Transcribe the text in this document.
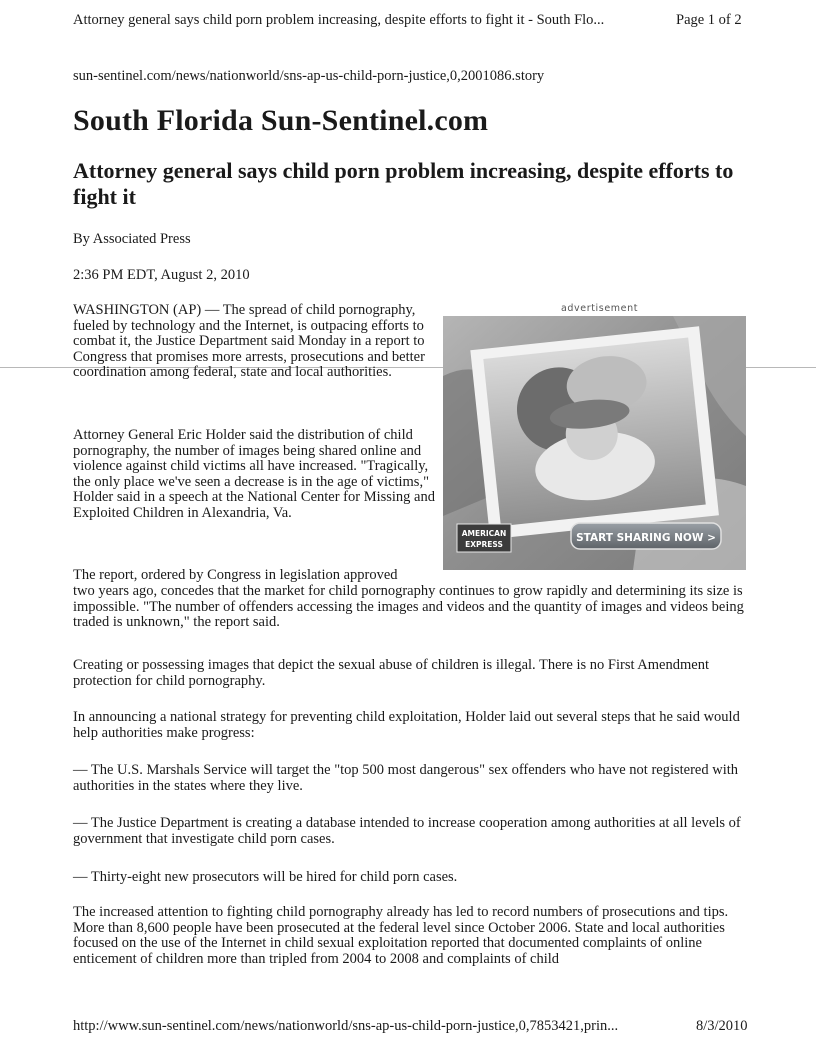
Attorney general says child porn problem increasing, despite efforts to fight it - South Flo...	Page 1 of 2
sun-sentinel.com/news/nationworld/sns-ap-us-child-porn-justice,0,2001086.story
South Florida Sun-Sentinel.com
Attorney general says child porn problem increasing, despite efforts to fight it
By Associated Press
2:36 PM EDT, August 2, 2010

WASHINGTON (AP) — The spread of child pornography, fueled by technology and the Internet, is outpacing efforts to combat it, the Justice Department said Monday in a report to Congress that promises more arrests, prosecutions and better coordination among federal, state and local authorities.

Attorney General Eric Holder said the distribution of child pornography, the number of images being shared online and violence against child victims all have increased. "Tragically, the only place we've seen a decrease is in the age of victims," Holder said in a speech at the National Center for Missing and Exploited Children in Alexandria, Va.

The report, ordered by Congress in legislation approved

two years ago, concedes that the market for child pornography continues to grow rapidly and determining its size is impossible. "The number of offenders accessing the images and videos and the quantity of images and videos being traded is unknown," the report said.

Creating or possessing images that depict the sexual abuse of children is illegal. There is no First Amendment protection for child pornography.

In announcing a national strategy for preventing child exploitation, Holder laid out several steps that he said would help authorities make progress:

— The U.S. Marshals Service will target the "top 500 most dangerous" sex offenders who have not registered with authorities in the states where they live.

— The Justice Department is creating a database intended to increase cooperation among authorities at all levels of government that investigate child porn cases.

— Thirty-eight new prosecutors will be hired for child porn cases.

The increased attention to fighting child pornography already has led to record numbers of prosecutions and tips. More than 8,600 people have been prosecuted at the federal level since October 2006. State and local authorities focused on the use of the Internet in child sexual exploitation reported that documented complaints of online enticement of children more than tripled from 2004 to 2008 and complaints of child

advertisement
AMERICAN
EXPRESS
START SHARING NOW >
http://www.sun-sentinel.com/news/nationworld/sns-ap-us-child-porn-justice,0,7853421,prin...	8/3/2010
